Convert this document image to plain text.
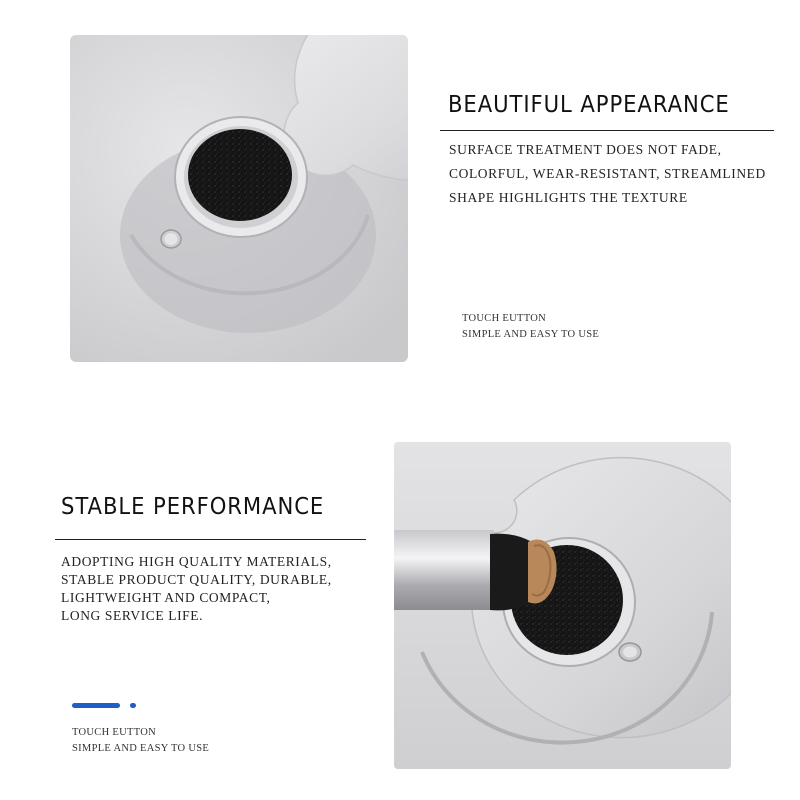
BEAUTIFUL APPEARANCE

SURFACE TREATMENT DOES NOT FADE,
COLORFUL, WEAR-RESISTANT, STREAMLINED
SHAPE HIGHLIGHTS THE TEXTURE

TOUCH EUTTON
SIMPLE AND EASY TO USE

STABLE PERFORMANCE

ADOPTING HIGH QUALITY MATERIALS,
STABLE PRODUCT QUALITY, DURABLE,
LIGHTWEIGHT AND COMPACT,
LONG SERVICE LIFE.

TOUCH EUTTON
SIMPLE AND EASY TO USE
